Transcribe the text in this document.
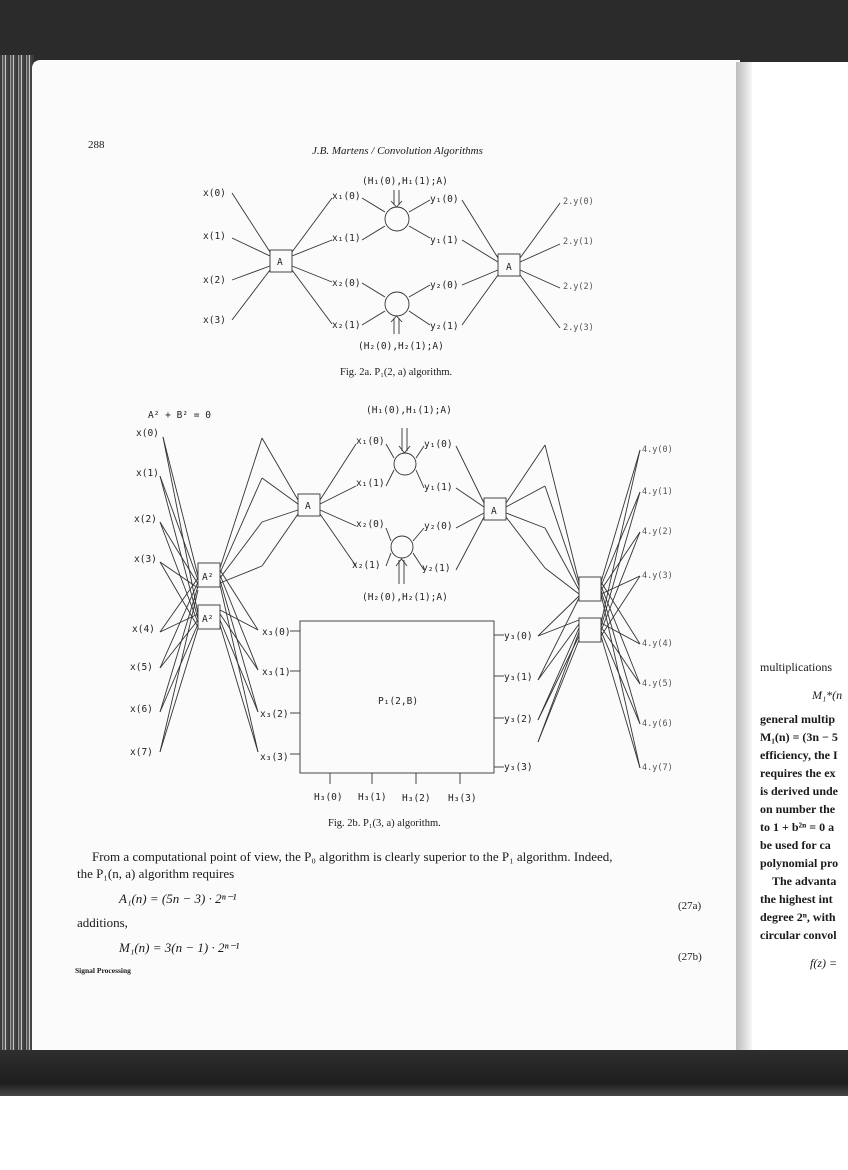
multiplications
M₁*(n
general multip
M₁(n) = (3n − 5
efficiency, the I
requires the ex
is derived unde
on number the
to 1 + b²ⁿ = 0 a
be used for ca
polynomial pro
The advanta
the highest int
degree 2ⁿ, with
circular convol
f(z) =
288	J.B. Martens / Convolution Algorithms
x(0)
x(1)
x(2)
x(3)
x₁(0)
x₁(1)
x₂(0)
x₂(1)
y₁(0)
y₁(1)
y₂(0)
y₂(1)
2.y(0)
2.y(1)
2.y(2)
2.y(3)
(H₁(0),H₁(1);A)
(H₂(0),H₂(1);A)
A	A
A² + B² = 0
x(0)
x(1)
x(2)
x(3)
x(4)
x(5)
x(6)
x(7)
A²
A²
A	A
x₁(0)
x₁(1)
x₂(0)
x₂(1)
y₁(0)
y₁(1)
y₂(0)
y₂(1)
(H₁(0),H₁(1);A)
(H₂(0),H₂(1);A)
x₃(0)
x₃(1)
x₃(2)
x₃(3)
y₃(0)
y₃(1)
y₃(2)
y₃(3)
P₁(2,B)
H₃(0) H₃(1) H₃(2) H₃(3)
4.y(0)
4.y(1)
4.y(2)
4.y(3)
4.y(4)
4.y(5)
4.y(6)
4.y(7)
Fig. 2a. P₁(2, a) algorithm.
Fig. 2b. P₁(3, a) algorithm.
From a computational point of view, the P₀ algorithm is clearly superior to the P₁ algorithm. Indeed,
the P₁(n, a) algorithm requires
A₁(n) = (5n − 3) · 2ⁿ⁻¹	(27a)
additions,
M₁(n) = 3(n − 1) · 2ⁿ⁻¹
(27b)
Signal Processing
